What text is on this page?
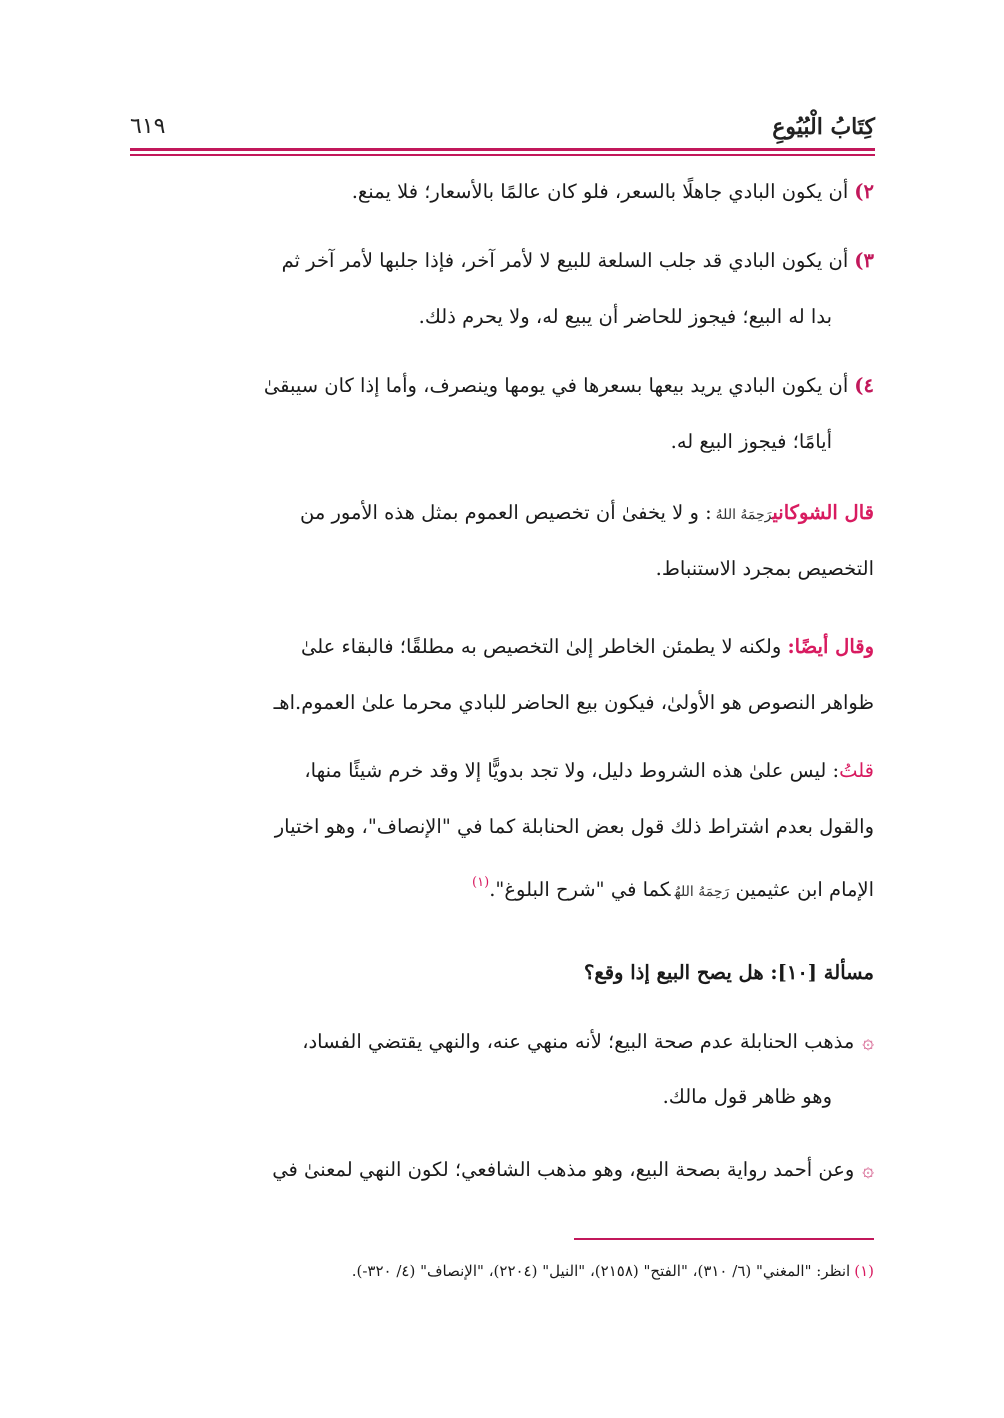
كِتَابُ الْبُيُوعِ
٦١٩
٢)أن يكون البادي جاهلًا بالسعر، فلو كان عالمًا بالأسعار؛ فلا يمنع.
٣)أن يكون البادي قد جلب السلعة للبيع لا لأمر آخر، فإذا جلبها لأمر آخر ثم
بدا له البيع؛ فيجوز للحاضر أن يبيع له، ولا يحرم ذلك.
٤)أن يكون البادي يريد بيعها بسعرها في يومها وينصرف، وأما إذا كان سيبقىٰ
أيامًا؛ فيجوز البيع له.
قال الشوكانيرَحِمَهُ اللهُ: و لا يخفىٰ أن تخصيص العموم بمثل هذه الأمور من
التخصيص بمجرد الاستنباط.
وقال أيضًا: ولكنه لا يطمئن الخاطر إلىٰ التخصيص به مطلقًا؛ فالبقاء علىٰ
ظواهر النصوص هو الأولىٰ، فيكون بيع الحاضر للبادي محرما علىٰ العموم.اهـ
قلتُ: ليس علىٰ هذه الشروط دليل، ولا تجد بدويًّا إلا وقد خرم شيئًا منها،
والقول بعدم اشتراط ذلك قول بعض الحنابلة كما في "الإنصاف"، وهو اختيار
الإمام ابن عثيمين رَحِمَهُ اللهُكما في "شرح البلوغ".$^{(١)}$
مسألة [١٠]: هل يصح البيع إذا وقع؟
۞مذهب الحنابلة عدم صحة البيع؛ لأنه منهي عنه، والنهي يقتضي الفساد،
وهو ظاهر قول مالك.
۞وعن أحمد رواية بصحة البيع، وهو مذهب الشافعي؛ لكون النهي لمعنىٰ في
(١)انظر: "المغني" (٦/ ٣١٠)، "الفتح" (٢١٥٨)، "النيل" (٢٢٠٤)، "الإنصاف" (٤/ ٣٢٠-).
